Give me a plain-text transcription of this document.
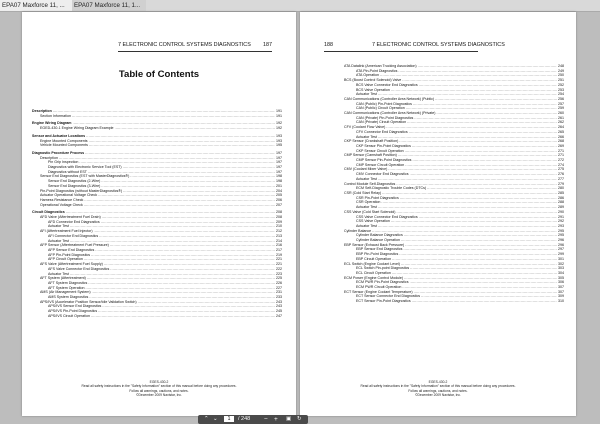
EPA07 Maxforce 11, ...	EPA07 Maxforce 11, 1...
7 ELECTRONIC CONTROL SYSTEMS DIAGNOSTICS 187
Table of Contents
Description .....	191
Section Information .....	191
Engine Wiring Diagram .....	192
EGED-430-1 Engine Wiring Diagram Example .....	192
Sensor and Actuator Locations .....	193
Engine Mounted Components .....	193
Vehicle Mounted Components .....	195
Diagnostic Procedure Process .....	197
Description .....	197
Pin Grip Inspection .....	197
Diagnostics with Electronic Service Tool (EST) .....	197
Diagnostics without EST .....	197
Sensor End Diagnostics (EST with MasterDiagnostics®) .....	198
Sensor End Diagnostics (2-Wire) .....	198
Sensor End Diagnostics (3-Wire) .....	201
Pin-Point Diagnostics (without MasterDiagnostics®) .....	204
Actuator Operational Voltage Check .....	205
Harness Resistance Check .....	206
Operational Voltage Check .....	207
Circuit Diagnostics .....	208
AFD Valve (Aftertreatment Fuel Drain) .....	208
AFD Connector End Diagnostics .....	209
Actuator Test .....	210
AFI (Aftertreatment Fuel Injector) .....	212
AFI Connector End Diagnostics .....	213
Actuator Test .....	214
AFP Sensor (Aftertreatment Fuel Pressure) .....	216
AFP Sensor End Diagnostics .....	217
AFP Pin-Point Diagnostics .....	219
AFP Circuit Operation .....	221
AFS Valve (Aftertreatment Fuel Supply) .....	221
AFS Valve Connector End Diagnostics .....	222
Actuator Test .....	223
AFT System (Aftertreatment) .....	225
AFT System Diagnostics .....	226
AFT System Operation .....	227
AMS (Air Management System) .....	231
AMS System Diagnostics .....	233
APS/IVS (Accelerator Position Sensor/Idle Validation Switch) .....	243
APS/IVS Sensor End Diagnostics .....	243
APS/IVS Pin-Point Diagnostics .....	245
APS/IVS Circuit Operation .....	247
EGES-430-2
Read all safety instructions in the "Safety Information" section of this manual before doing any procedures.
Follow all warnings, cautions, and notes.
©December 2009 Navistar, Inc.
188	7 ELECTRONIC CONTROL SYSTEMS DIAGNOSTICS
ATA Datalink (American Trucking Association) .....	248
ATA Pin-Point Diagnostics .....	249
ATA Operation .....	250
BCS (Boost Control Solenoid) Valve .....	251
BCS Valve Connector End Diagnostics .....	252
BCS Valve Operation .....	253
Actuator Test .....	254
CAN Communications (Controller Area Network) (Public) .....	256
CAN (Public) Pin-Point Diagnostics .....	257
CAN (Public) Circuit Operation .....	259
CAN Communications (Controller Area Network) (Private) .....	260
CAN (Private) Pin-Point Diagnostics .....	261
CAN (Private) Circuit Operation .....	262
CFV (Coolant Flow Valve) .....	264
CFV Connector End Diagnostics .....	265
Actuator Test .....	266
CKP Sensor (Crankshaft Position) .....	268
CKP Sensor Pin-Point Diagnostics .....	269
CKP Sensor Circuit Operation .....	271
CMP Sensor (Camshaft Position) .....	271
CMP Sensor Pin-Point Diagnostics .....	272
CMP Sensor Circuit Operation .....	274
CMV (Coolant Mixer Valve) .....	275
CMV Connector End Diagnostics .....	276
Actuator Test .....	277
Control Module Self-Diagnostics .....	279
ECM Self-Diagnostic Trouble Codes (DTCs) .....	280
CSR (Cold Start Relay) .....	285
CSR Pin-Point Diagnostics .....	286
CSR Operation .....	288
Actuator Test .....	289
CSS Valve (Cold Start Solenoid) .....	290
CSS Valve Connector End Diagnostics .....	291
CSS Valve Operation .....	292
Actuator Test .....	293
Cylinder Balance .....	295
Cylinder Balance Diagnostics .....	295
Cylinder Balance Operation .....	296
EBP Sensor (Exhaust Back Pressure) .....	296
EBP Sensor End Diagnostics .....	297
EBP Pin-Point Diagnostics .....	299
EBP Circuit Operation .....	301
ECL Switch (Engine Coolant Level) .....	302
ECL Switch Pin-point Diagnostics .....	303
ECL Circuit Operation .....	304
ECM Power (Engine Control Module) .....	305
ECM PWR Pin-Point Diagnostics .....	306
ECM PWR Circuit Operation .....	307
ECT Sensor (Engine Coolant Temperature) .....	307
ECT Sensor Connector End Diagnostics .....	309
ECT Sensor Pin-Point Diagnostics .....	310
EGES-430-2
Read all safety instructions in the "Safety Information" section of this manual before doing any procedures.
Follow all warnings, cautions, and notes.
©December 2009 Navistar, Inc.
⌃ ⌄	1	/ 248 − + ▣ ↻
